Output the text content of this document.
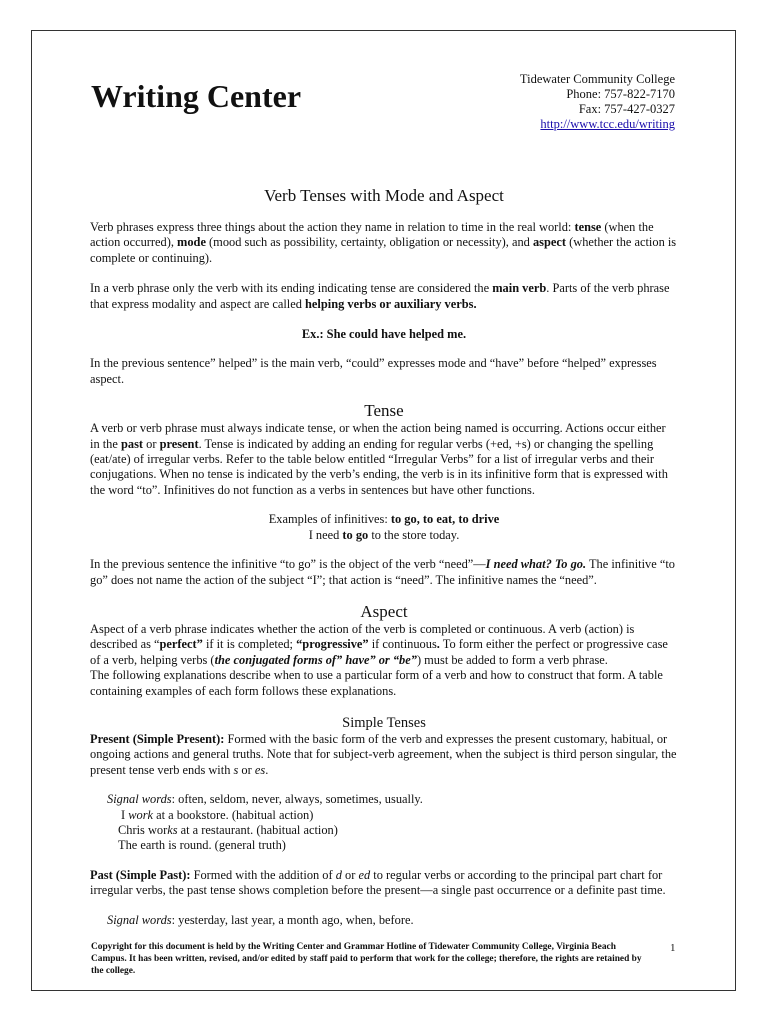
Writing Center	Tidewater Community College
Phone: 757-822-7170
Fax: 757-427-0327
http://www.tcc.edu/writing
Verb Tenses with Mode and Aspect

Verb phrases express three things about the action they name in relation to time in the real world: tense (when the action occurred), mode (mood such as possibility, certainty, obligation or necessity), and aspect (whether the action is complete or continuing).

In a verb phrase only the verb with its ending indicating tense are considered the main verb. Parts of the verb phrase that express modality and aspect are called helping verbs or auxiliary verbs.

Ex.: She could have helped me.

In the previous sentence” helped” is the main verb, “could” expresses mode and “have” before “helped” expresses aspect.

Tense

A verb or verb phrase must always indicate tense, or when the action being named is occurring. Actions occur either in the past or present. Tense is indicated by adding an ending for regular verbs (+ed, +s) or changing the spelling (eat/ate) of irregular verbs. Refer to the table below entitled “Irregular Verbs” for a list of irregular verbs and their conjugations. When no tense is indicated by the verb’s ending, the verb is in its infinitive form that is expressed with the word “to”. Infinitives do not function as a verbs in sentences but have other functions.

Examples of infinitives: to go, to eat, to drive

I need to go to the store today.

In the previous sentence the infinitive “to go” is the object of the verb “need”—I need what? To go. The infinitive “to go” does not name the action of the subject “I”; that action is “need”. The infinitive names the “need”.

Aspect

Aspect of a verb phrase indicates whether the action of the verb is completed or continuous. A verb (action) is described as “perfect” if it is completed; “progressive” if continuous. To form either the perfect or progressive case of a verb, helping verbs (the conjugated forms of” have” or “be”) must be added to form a verb phrase.

The following explanations describe when to use a particular form of a verb and how to construct that form. A table containing examples of each form follows these explanations.

Simple Tenses

Present (Simple Present): Formed with the basic form of the verb and expresses the present customary, habitual, or ongoing actions and general truths. Note that for subject-verb agreement, when the subject is third person singular, the present tense verb ends with s or es.

Signal words: often, seldom, never, always, sometimes, usually.

I work at a bookstore. (habitual action)

Chris works at a restaurant. (habitual action)

The earth is round. (general truth)

Past (Simple Past): Formed with the addition of d or ed to regular verbs or according to the principal part chart for irregular verbs, the past tense shows completion before the present—a single past occurrence or a definite past time.

Signal words: yesterday, last year, a month ago, when, before.

Copyright for this document is held by the Writing Center and Grammar Hotline of Tidewater Community College, Virginia Beach Campus. It has been written, revised, and/or edited by staff paid to perform that work for the college; therefore, the rights are retained by the college.
1
